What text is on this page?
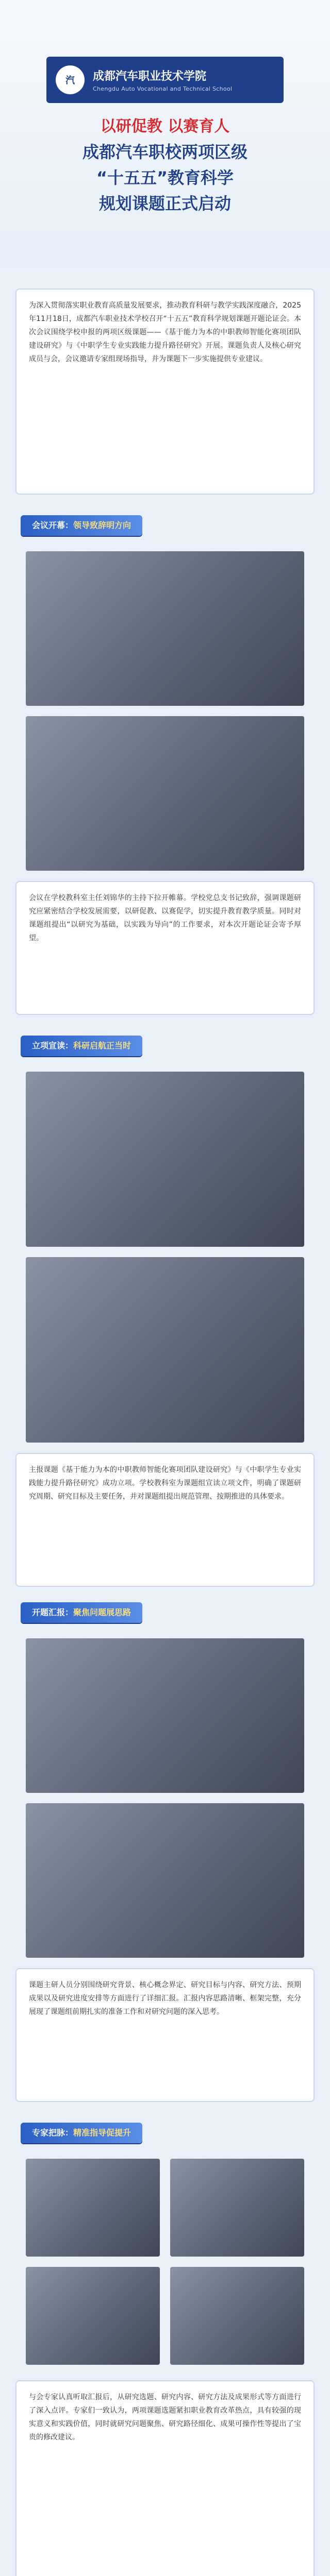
汽	成都汽车职业技术学院
Chengdu Auto Vocational and Technical School
以研促教 以赛育人
成都汽车职校两项区级
“十五五”教育科学
规划课题正式启动
为深入贯彻落实职业教育高质量发展要求，推动教育科研与教学实践深度融合，2025年11月18日，成都汽车职业技术学校召开“十五五”教育科学规划课题开题论证会。本次会议围绕学校申报的两项区级课题——《基于能力为本的中职教师智能化赛项团队建设研究》与《中职学生专业实践能力提升路径研究》开展。课题负责人及核心研究成员与会，会议邀请专家组现场指导，并为课题下一步实施提供专业建议。
会议开幕：领导致辞明方向
会议在学校教科室主任刘锦华的主持下拉开帷幕。学校党总支书记致辞，强调课题研究应紧密结合学校发展需要，以研促教、以赛促学，切实提升教育教学质量。同时对课题组提出“以研究为基础，以实践为导向”的工作要求，对本次开题论证会寄予厚望。
立项宣读：科研启航正当时
主报课题《基于能力为本的中职教师智能化赛项团队建设研究》与《中职学生专业实践能力提升路径研究》成功立项。学校教科室为课题组宣读立项文件，明确了课题研究周期、研究目标及主要任务，并对课题组提出规范管理、按期推进的具体要求。
开题汇报：聚焦问题展思路
课题主研人员分别围绕研究背景、核心概念界定、研究目标与内容、研究方法、预期成果以及研究进度安排等方面进行了详细汇报。汇报内容思路清晰、框架完整，充分展现了课题组前期扎实的准备工作和对研究问题的深入思考。
专家把脉：精准指导促提升
与会专家认真听取汇报后，从研究选题、研究内容、研究方法及成果形式等方面进行了深入点评。专家们一致认为，两项课题选题紧扣职业教育改革热点，具有较强的现实意义和实践价值，同时就研究问题聚焦、研究路径细化、成果可操作性等提出了宝贵的修改建议。
